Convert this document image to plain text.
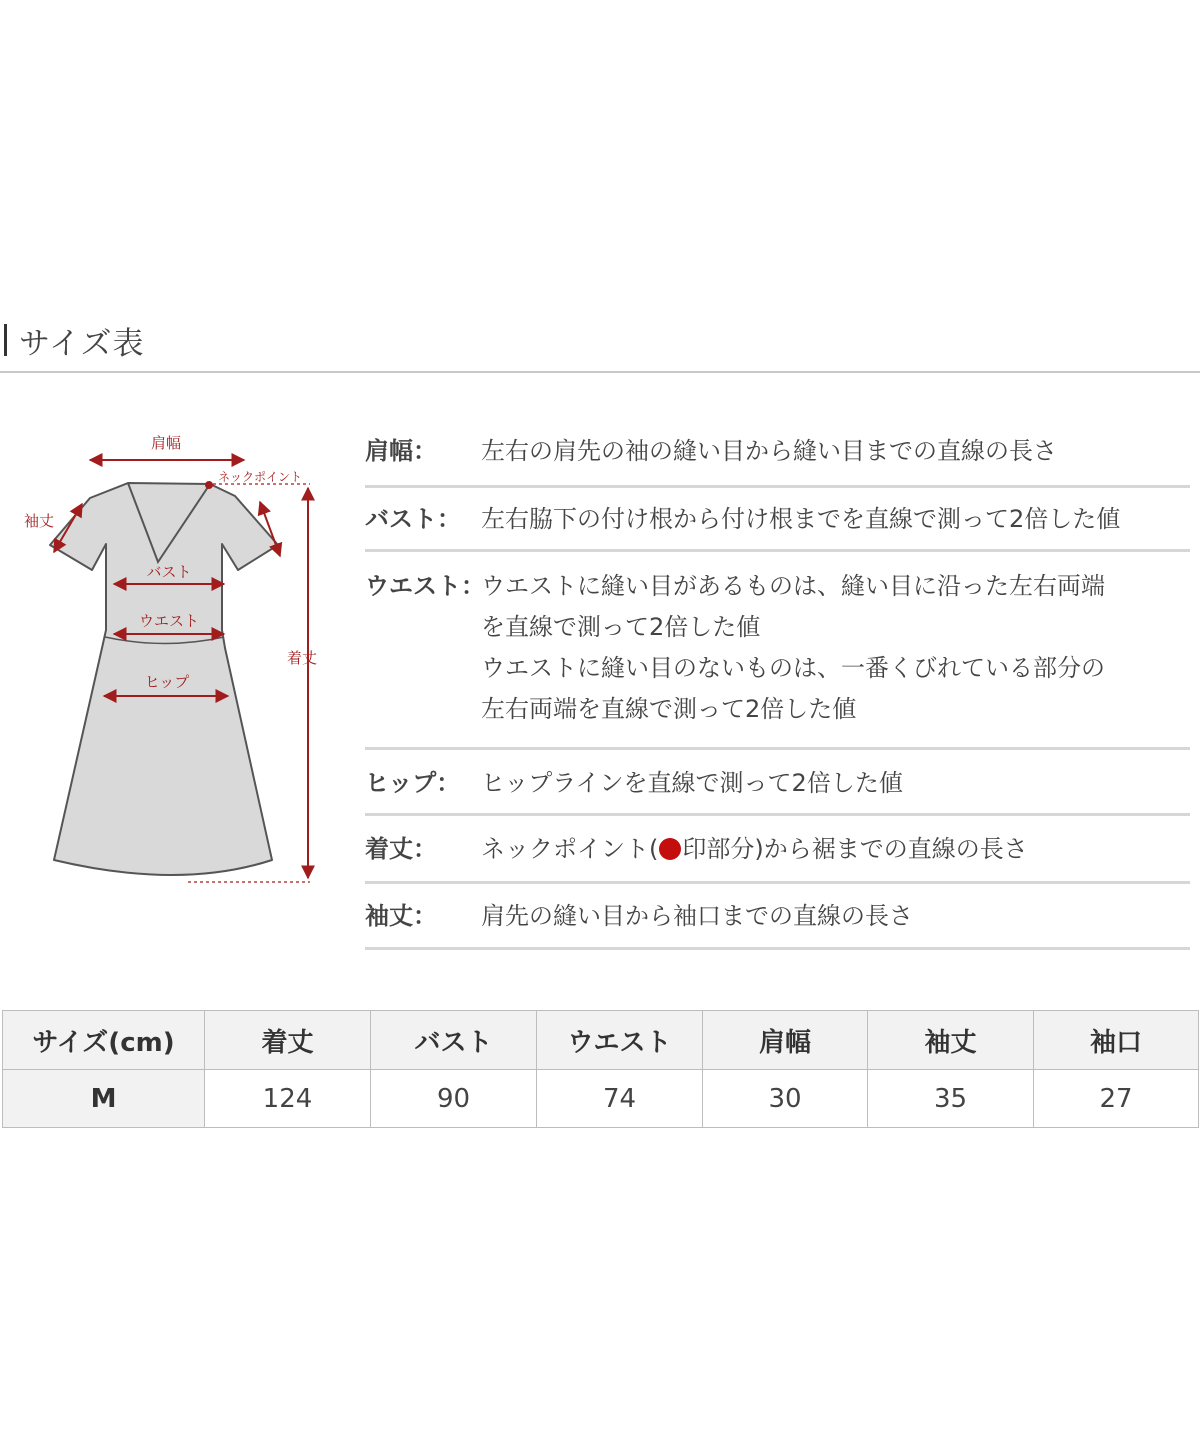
サイズ表
肩幅
ネックポイント
袖丈
バスト
ウエスト
ヒップ
着丈
肩幅：	左右の肩先の袖の縫い目から縫い目までの直線の長さ
バスト： 左右脇下の付け根から付け根までを直線で測って2倍した値
ウエスト：
ウエストに縫い目があるものは、縫い目に沿った左右両端
を直線で測って2倍した値
ウエストに縫い目のないものは、一番くびれている部分の
左右両端を直線で測って2倍した値
ヒップ： ヒップラインを直線で測って2倍した値
着丈：	ネックポイント( 印部分)から裾までの直線の長さ
袖丈：	肩先の縫い目から袖口までの直線の長さ
サイズ(cm)	着丈	バスト	ウエスト	肩幅	袖丈	袖口
M	124	90	74	30	35	27
